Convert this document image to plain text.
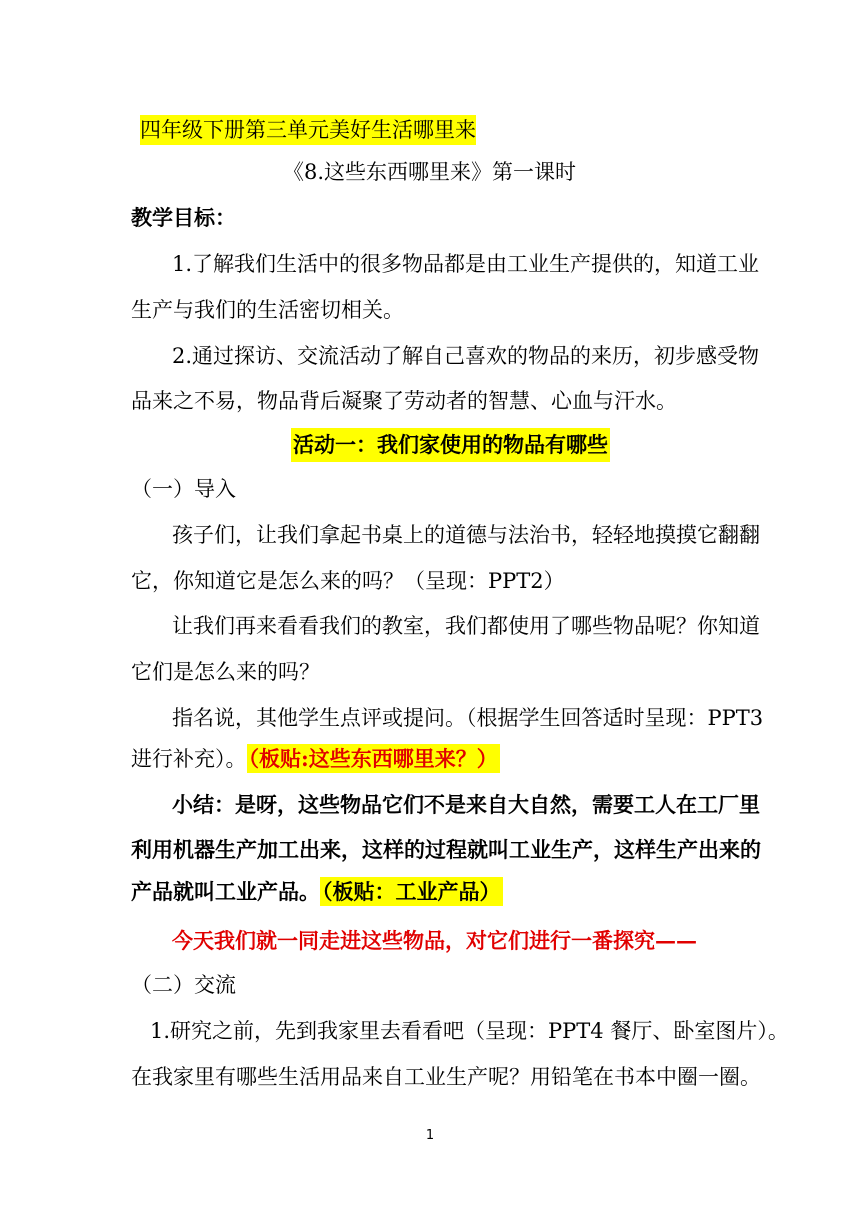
四年级下册第三单元美好生活哪里来
《8.这些东西哪里来》第一课时
教学目标：
1.了解我们生活中的很多物品都是由工业生产提供的，知道工业
生产与我们的生活密切相关。
2.通过探访、交流活动了解自己喜欢的物品的来历，初步感受物
品来之不易，物品背后凝聚了劳动者的智慧、心血与汗水。
活动一：我们家使用的物品有哪些
（一）导入
孩子们，让我们拿起书桌上的道德与法治书，轻轻地摸摸它翻翻
它，你知道它是怎么来的吗？（呈现：PPT2）
让我们再来看看我们的教室，我们都使用了哪些物品呢？你知道
它们是怎么来的吗？
指名说，其他学生点评或提问。（根据学生回答适时呈现：PPT3
进行补充）。（板贴:这些东西哪里来？）
小结：是呀，这些物品它们不是来自大自然，需要工人在工厂里
利用机器生产加工出来，这样的过程就叫工业生产，这样生产出来的
产品就叫工业产品。（板贴：工业产品）
今天我们就一同走进这些物品，对它们进行一番探究——
（二）交流
1.研究之前，先到我家里去看看吧（呈现：PPT4 餐厅、卧室图片）。
在我家里有哪些生活用品来自工业生产呢？用铅笔在书本中圈一圈。
1
